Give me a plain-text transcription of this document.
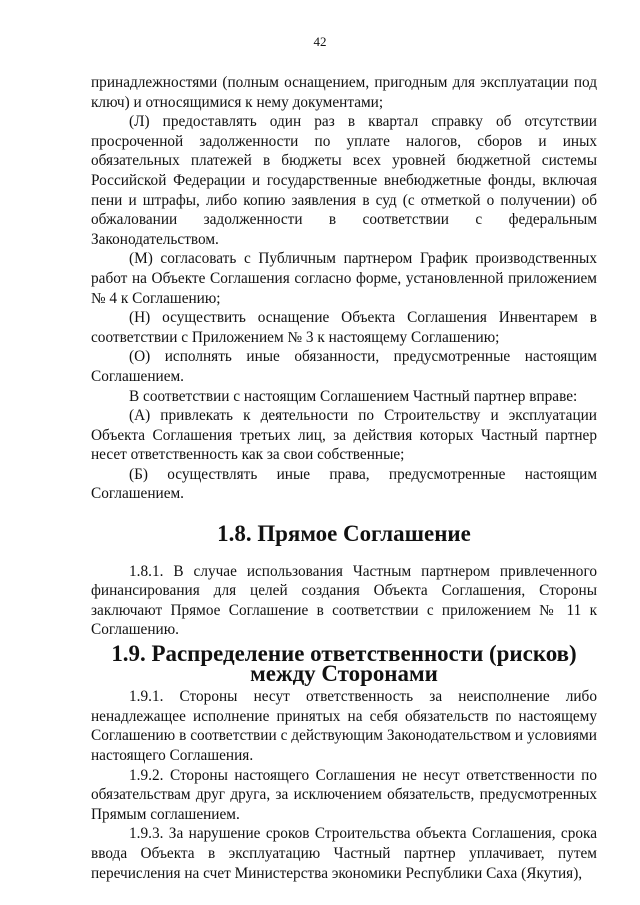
42

принадлежностями (полным оснащением, пригодным для эксплуатации под ключ) и относящимися к нему документами;

(Л) предоставлять один раз в квартал справку об отсутствии просроченной задолженности по уплате налогов, сборов и иных обязательных платежей в бюджеты всех уровней бюджетной системы Российской Федерации и государственные внебюджетные фонды, включая пени и штрафы, либо копию заявления в суд (с отметкой о получении) об обжаловании задолженности в соответствии с федеральным Законодательством.

(М) согласовать с Публичным партнером График производственных работ на Объекте Соглашения согласно форме, установленной приложением № 4 к Соглашению;

(Н) осуществить оснащение Объекта Соглашения Инвентарем в соответствии с Приложением № 3 к настоящему Соглашению;

(О) исполнять иные обязанности, предусмотренные настоящим Соглашением.

В соответствии с настоящим Соглашением Частный партнер вправе:

(А) привлекать к деятельности по Строительству и эксплуатации Объекта Соглашения третьих лиц, за действия которых Частный партнер несет ответственность как за свои собственные;

(Б) осуществлять иные права, предусмотренные настоящим Соглашением.

1.8. Прямое Соглашение

1.8.1. В случае использования Частным партнером привлеченного финансирования для целей создания Объекта Соглашения, Стороны заключают Прямое Соглашение в соответствии с приложением № 11 к Соглашению.

1.9. Распределение ответственности (рисков) между Сторонами

1.9.1. Стороны несут ответственность за неисполнение либо ненадлежащее исполнение принятых на себя обязательств по настоящему Соглашению в соответствии с действующим Законодательством и условиями настоящего Соглашения.

1.9.2. Стороны настоящего Соглашения не несут ответственности по обязательствам друг друга, за исключением обязательств, предусмотренных Прямым соглашением.

1.9.3. За нарушение сроков Строительства объекта Соглашения, срока ввода Объекта в эксплуатацию Частный партнер уплачивает, путем перечисления на счет Министерства экономики Республики Саха (Якутия),
